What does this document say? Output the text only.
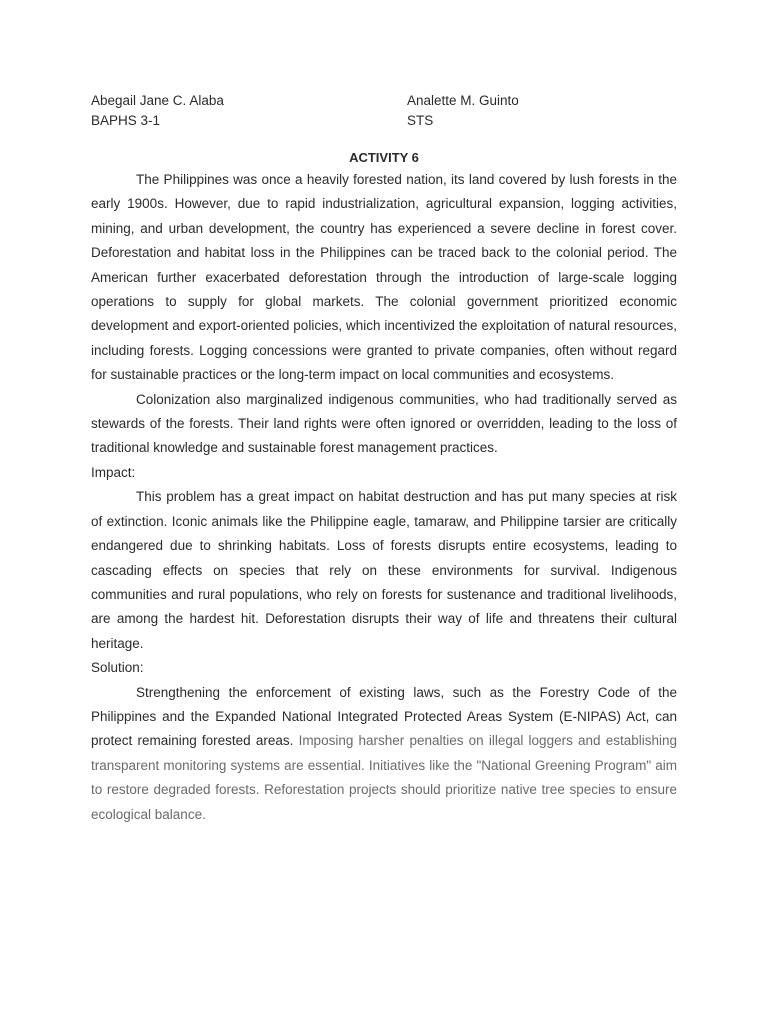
Abegail Jane C. Alaba
BAPHS 3-1
Analette M. Guinto
STS

ACTIVITY 6

The Philippines was once a heavily forested nation, its land covered by lush forests in the early 1900s. However, due to rapid industrialization, agricultural expansion, logging activities, mining, and urban development, the country has experienced a severe decline in forest cover. Deforestation and habitat loss in the Philippines can be traced back to the colonial period. The American further exacerbated deforestation through the introduction of large-scale logging operations to supply for global markets. The colonial government prioritized economic development and export-oriented policies, which incentivized the exploitation of natural resources, including forests. Logging concessions were granted to private companies, often without regard for sustainable practices or the long-term impact on local communities and ecosystems.

Colonization also marginalized indigenous communities, who had traditionally served as stewards of the forests. Their land rights were often ignored or overridden, leading to the loss of traditional knowledge and sustainable forest management practices.

Impact:

This problem has a great impact on habitat destruction and has put many species at risk of extinction. Iconic animals like the Philippine eagle, tamaraw, and Philippine tarsier are critically endangered due to shrinking habitats. Loss of forests disrupts entire ecosystems, leading to cascading effects on species that rely on these environments for survival. Indigenous communities and rural populations, who rely on forests for sustenance and traditional livelihoods, are among the hardest hit. Deforestation disrupts their way of life and threatens their cultural heritage.

Solution:

Strengthening the enforcement of existing laws, such as the Forestry Code of the Philippines and the Expanded National Integrated Protected Areas System (E-NIPAS) Act, can protect remaining forested areas. Imposing harsher penalties on illegal loggers and establishing transparent monitoring systems are essential. Initiatives like the "National Greening Program" aim to restore degraded forests. Reforestation projects should prioritize native tree species to ensure ecological balance.
